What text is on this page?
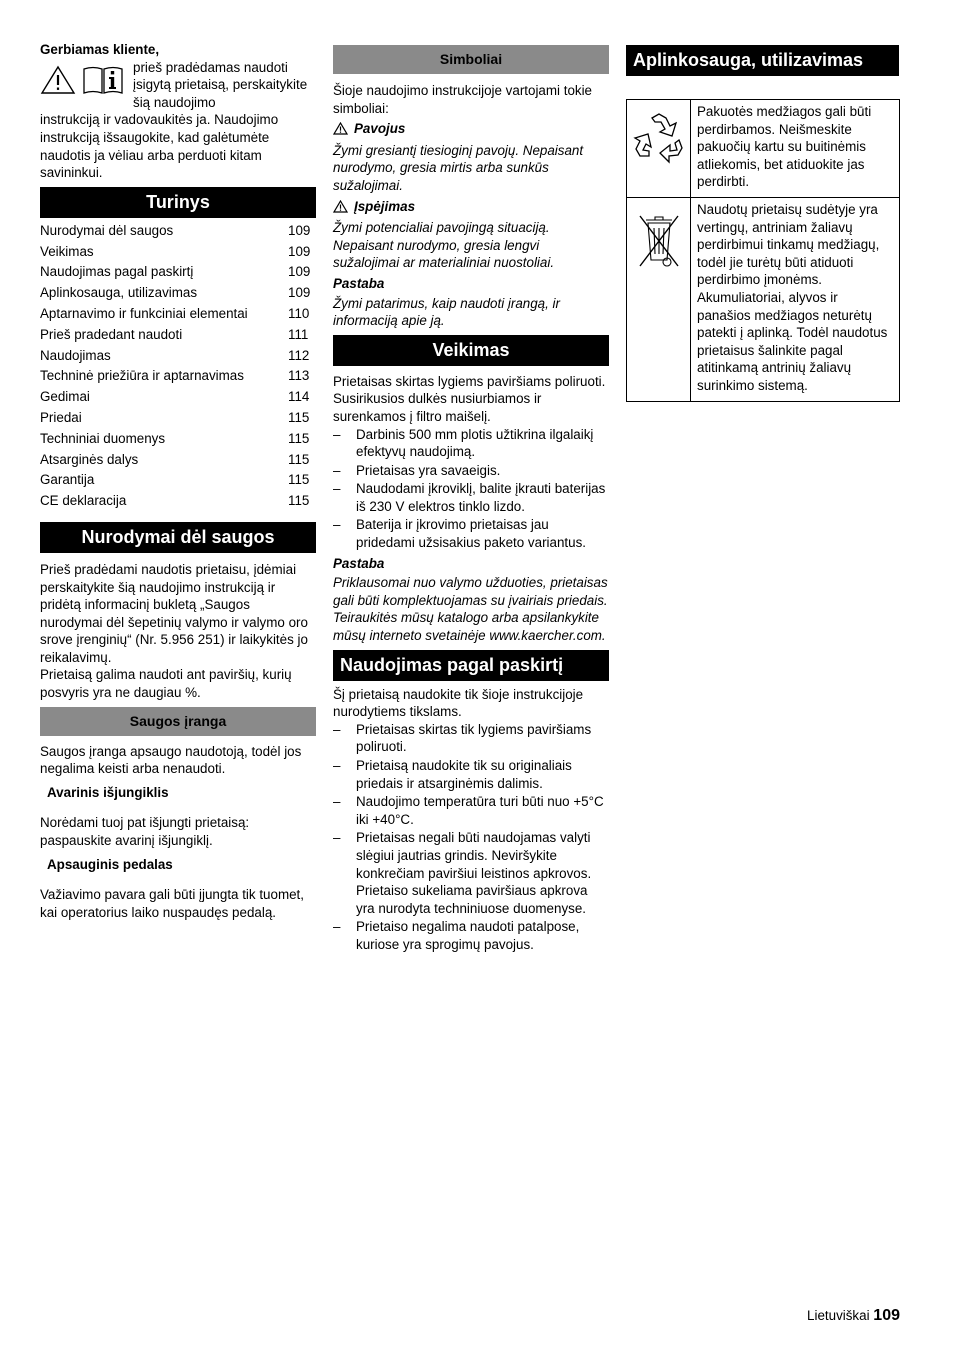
Gerbiamas kliente,

prieš pradėdamas naudoti įsigytą prietaisą, perskaitykite šią naudojimo

instrukciją ir vadovaukitės ja. Naudojimo instrukciją išsaugokite, kad galėtumėte naudotis ja vėliau arba perduoti kitam savininkui.

Turinys
Nurodymai dėl saugos	109
Veikimas	109
Naudojimas pagal paskirtį	109
Aplinkosauga, utilizavimas	109
Aptarnavimo ir funkciniai elementai	110
Prieš pradedant naudoti	111
Naudojimas	112
Techninė priežiūra ir aptarnavimas	113
Gedimai	114
Priedai	115
Techniniai duomenys	115
Atsarginės dalys	115
Garantija	115
CE deklaracija	115
Nurodymai dėl saugos

Prieš pradėdami naudotis prietaisu, įdėmiai perskaitykite šią naudojimo instrukciją ir pridėtą informacinį bukletą „Saugos nurodymai dėl šepetinių valymo ir valymo oro srove įrenginių“ (Nr. 5.956 251) ir laikykitės jo reikalavimų.

Prietaisą galima naudoti ant paviršių, kurių posvyris yra ne daugiau %.

Saugos įranga

Saugos įranga apsaugo naudotoją, todėl jos negalima keisti arba nenaudoti.

Avarinis išjungiklis

Norėdami tuoj pat išjungti prietaisą: paspauskite avarinį išjungiklį.

Apsauginis pedalas

Važiavimo pavara gali būti įjungta tik tuomet, kai operatorius laiko nuspaudęs pedalą.

Simboliai

Šioje naudojimo instrukcijoje vartojami tokie simboliai:

Pavojus

Žymi gresiantį tiesioginį pavojų. Nepaisant nurodymo, gresia mirtis arba sunkūs sužalojimai.

Įspėjimas

Žymi potencialiai pavojingą situaciją. Nepaisant nurodymo, gresia lengvi sužalojimai ar materialiniai nuostoliai.

Pastaba

Žymi patarimus, kaip naudoti įrangą, ir informaciją apie ją.

Veikimas

Prietaisas skirtas lygiems paviršiams poliruoti. Susirikusios dulkės nusiurbiamos ir surenkamos į filtro maišelį.

–	Darbinis 500 mm plotis užtikrina ilgalaikį efektyvų naudojimą.
–	Prietaisas yra savaeigis.
–	Naudodami įkroviklį, balite įkrauti baterijas iš 230 V elektros tinklo lizdo.
–	Baterija ir įkrovimo prietaisas jau pridedami užsisakius paketo variantus.

Pastaba

Priklausomai nuo valymo užduoties, prietaisas gali būti komplektuojamas su įvairiais priedais. Teiraukitės mūsų katalogo arba apsilankykite mūsų interneto svetainėje www.kaercher.com.

Naudojimas pagal paskirtį

Šį prietaisą naudokite tik šioje instrukcijoje nurodytiems tikslams.

–	Prietaisas skirtas tik lygiems paviršiams poliruoti.
–	Prietaisą naudokite tik su originaliais priedais ir atsarginėmis dalimis.
–	Naudojimo temperatūra turi būti nuo +5°C iki +40°C.
–	Prietaisas negali būti naudojamas valyti slėgiui jautrias grindis. Neviršykite konkrečiam paviršiui leistinos apkrovos. Prietaiso sukeliama paviršiaus apkrova yra nurodyta techniniuose duomenyse.
–	Prietaiso negalima naudoti patalpose, kuriose yra sprogimų pavojus.
Aplinkosauga, utilizavimas
	Pakuotės medžiagos gali būti perdirbamos. Neišmeskite pakuočių kartu su buitinėmis atliekomis, bet atiduokite jas perdirbti.
	Naudotų prietaisų sudėtyje yra vertingų, antriniam žaliavų perdirbimui tinkamų medžiagų, todėl jie turėtų būti atiduoti perdirbimo įmonėms. Akumuliatoriai, alyvos ir panašios medžiagos neturėtų patekti į aplinką. Todėl naudotus prietaisus šalinkite pagal atitinkamą antrinių žaliavų surinkimo sistemą.
Lietuviškai 109
